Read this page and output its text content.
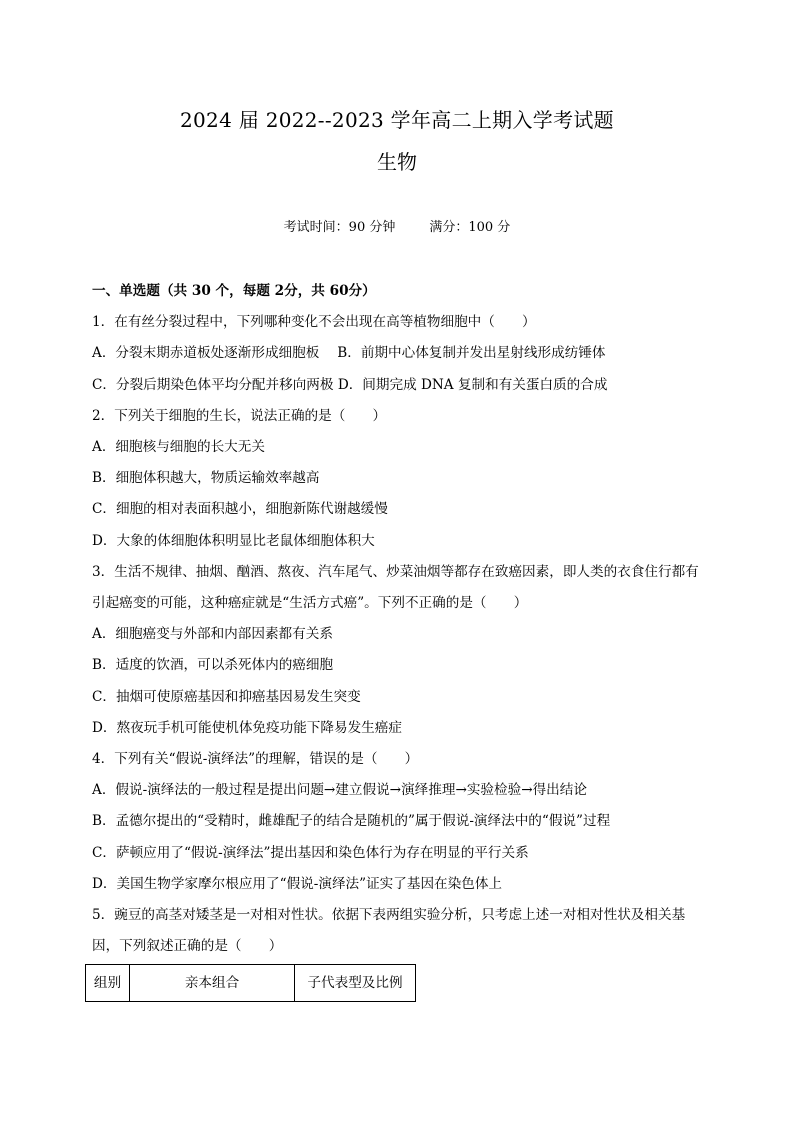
2024 届 2022--2023 学年高二上期入学考试题
生物
考试时间：90 分钟	满分：100 分

一、单选题（共 30 个，每题 2分，共 60分）

1．在有丝分裂过程中，下列哪种变化不会出现在高等植物细胞中（　　）

A．分裂末期赤道板处逐渐形成细胞板　 B．前期中心体复制并发出星射线形成纺锤体

C．分裂后期染色体平均分配并移向两极 D．间期完成 DNA 复制和有关蛋白质的合成

2．下列关于细胞的生长，说法正确的是（　　）

A．细胞核与细胞的长大无关

B．细胞体积越大，物质运输效率越高

C．细胞的相对表面积越小，细胞新陈代谢越缓慢

D．大象的体细胞体积明显比老鼠体细胞体积大

3．生活不规律、抽烟、酗酒、熬夜、汽车尾气、炒菜油烟等都存在致癌因素，即人类的衣食住行都有引起癌变的可能，这种癌症就是“生活方式癌”。下列不正确的是（　　）

A．细胞癌变与外部和内部因素都有关系

B．适度的饮酒，可以杀死体内的癌细胞

C．抽烟可使原癌基因和抑癌基因易发生突变

D．熬夜玩手机可能使机体免疫功能下降易发生癌症

4．下列有关“假说-演绎法”的理解，错误的是（　　）

A．假说-演绎法的一般过程是提出问题→建立假说→演绎推理→实验检验→得出结论

B．孟德尔提出的“受精时，雌雄配子的结合是随机的”属于假说-演绎法中的“假说”过程

C．萨顿应用了“假说-演绎法”提出基因和染色体行为存在明显的平行关系

D．美国生物学家摩尔根应用了“假说-演绎法”证实了基因在染色体上

5．豌豆的高茎对矮茎是一对相对性状。依据下表两组实验分析，只考虑上述一对相对性状及相关基因，下列叙述正确的是（　　）

组别	亲本组合	子代表型及比例
